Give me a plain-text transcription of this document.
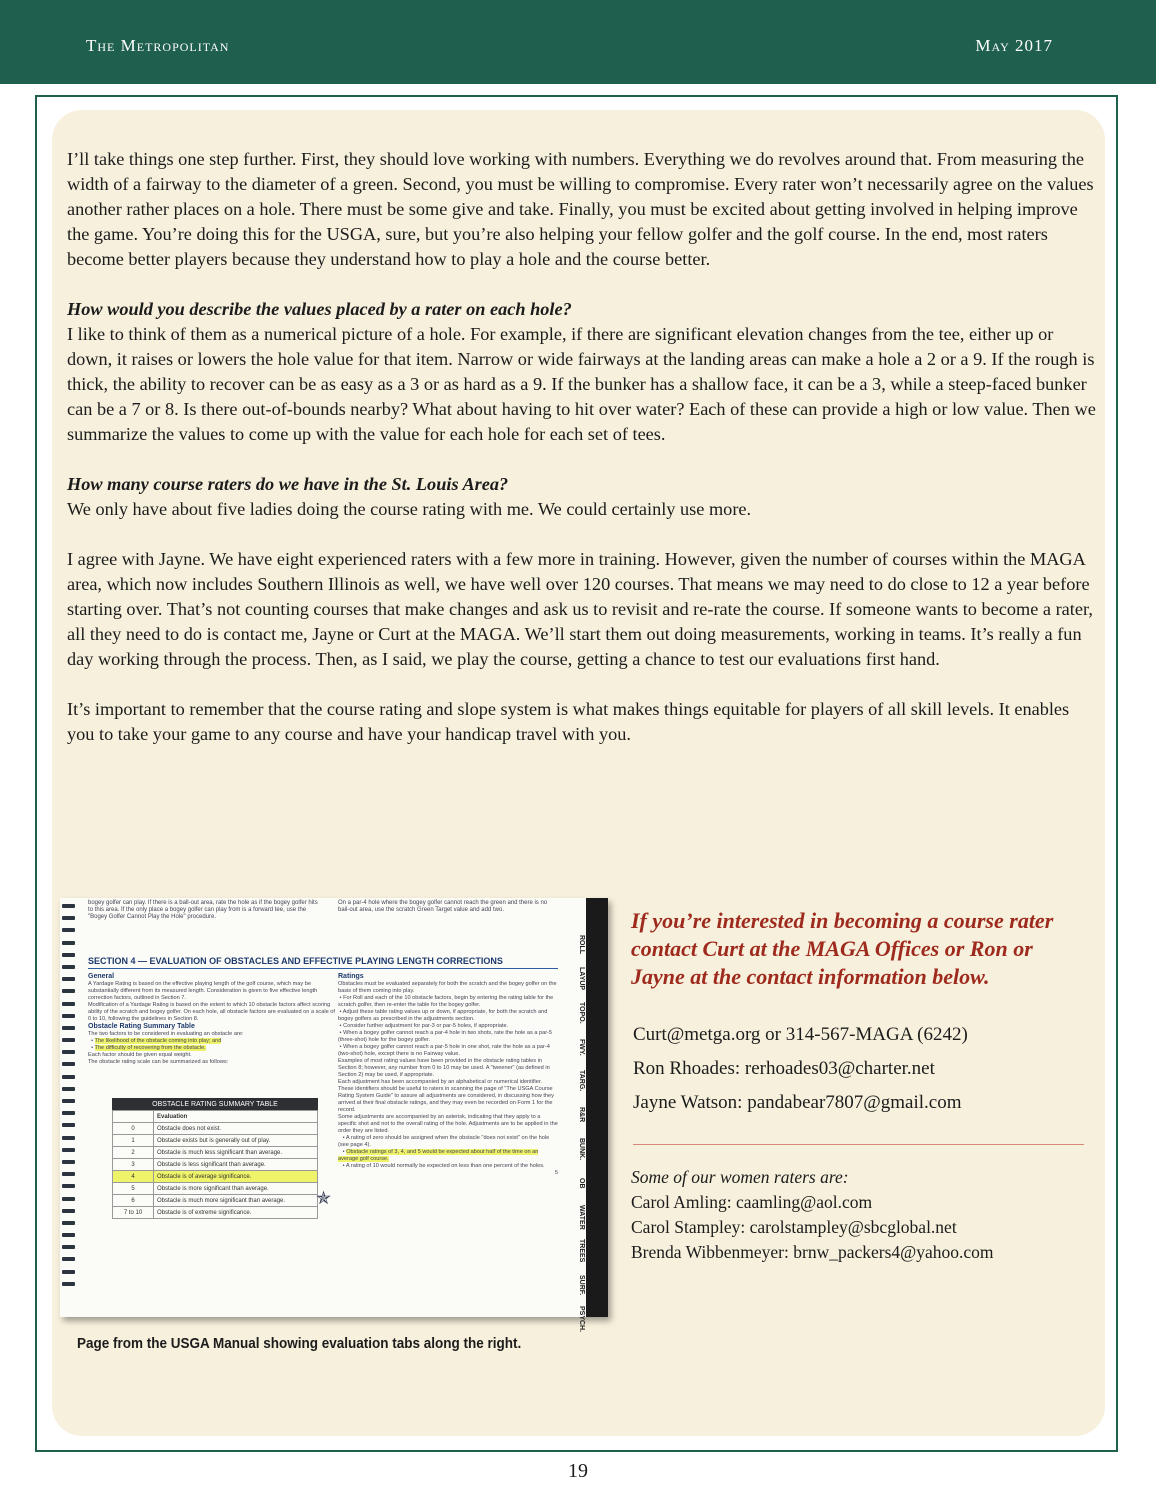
The Metropolitan	May 2017

I’ll take things one step further. First, they should love working with numbers. Everything we do revolves around that. From measuring the width of a fairway to the diameter of a green. Second, you must be willing to compromise. Every rater won’t necessarily agree on the values another rather places on a hole. There must be some give and take. Finally, you must be excited about getting involved in helping improve the game. You’re doing this for the USGA, sure, but you’re also helping your fellow golfer and the golf course. In the end, most raters become better players because they understand how to play a hole and the course better.

How would you describe the values placed by a rater on each hole?
I like to think of them as a numerical picture of a hole. For example, if there are significant elevation changes from the tee, either up or down, it raises or lowers the hole value for that item. Narrow or wide fairways at the landing areas can make a hole a 2 or a 9. If the rough is thick, the ability to recover can be as easy as a 3 or as hard as a 9. If the bunker has a shallow face, it can be a 3, while a steep-faced bunker can be a 7 or 8. Is there out-of-bounds nearby? What about having to hit over water? Each of these can provide a high or low value. Then we summarize the values to come up with the value for each hole for each set of tees.

How many course raters do we have in the St. Louis Area?
We only have about five ladies doing the course rating with me. We could certainly use more.

I agree with Jayne. We have eight experienced raters with a few more in training. However, given the number of courses within the MAGA area, which now includes Southern Illinois as well, we have well over 120 courses. That means we may need to do close to 12 a year before starting over. That’s not counting courses that make changes and ask us to revisit and re-rate the course. If someone wants to become a rater, all they need to do is contact me, Jayne or Curt at the MAGA. We’ll start them out doing measurements, working in teams. It’s really a fun day working through the process. Then, as I said, we play the course, getting a chance to test our evaluations first hand.

It’s important to remember that the course rating and slope system is what makes things equitable for players of all skill levels. It enables you to take your game to any course and have your handicap travel with you.

bogey golfer can play. If there is a ball-out area, rate the hole as if the bogey golfer hits to this area. If the only place a bogey golfer can play from is a forward tee, use the "Bogey Golfer Cannot Play the Hole" procedure.
On a par-4 hole where the bogey golfer cannot reach the green and there is no bail-out area, use the scratch Green Target value and add two.
SECTION 4 — EVALUATION OF OBSTACLES AND EFFECTIVE PLAYING LENGTH CORRECTIONS
General
A Yardage Rating is based on the effective playing length of the golf course, which may be substantially different from its measured length. Consideration is given to five effective length correction factors, outlined in Section 7.
Modification of a Yardage Rating is based on the extent to which 10 obstacle factors affect scoring ability of the scratch and bogey golfer. On each hole, all obstacle factors are evaluated on a scale of 0 to 10, following the guidelines in Section 8.
Obstacle Rating Summary Table
The two factors to be considered in evaluating an obstacle are:
• The likelihood of the obstacle coming into play; and
• The difficulty of recovering from the obstacle.
Each factor should be given equal weight.
The obstacle rating scale can be summarized as follows:
OBSTACLE RATING SUMMARY TABLE
	Evaluation
0	Obstacle does not exist.
1	Obstacle exists but is generally out of play.
2	Obstacle is much less significant than average.
3	Obstacle is less significant than average.
4	Obstacle is of average significance.
5	Obstacle is more significant than average.
6	Obstacle is much more significant than average.
7 to 10	Obstacle is of extreme significance.
✯
Ratings
Obstacles must be evaluated separately for both the scratch and the bogey golfer on the basis of them coming into play.
• For Roll and each of the 10 obstacle factors, begin by entering the rating table for the scratch golfer, then re-enter the table for the bogey golfer.
• Adjust these table rating values up or down, if appropriate, for both the scratch and bogey golfers as prescribed in the adjustments section.
• Consider further adjustment for par-3 or par-5 holes, if appropriate.
• When a bogey golfer cannot reach a par-4 hole in two shots, rate the hole as a par-5 (three-shot) hole for the bogey golfer.
• When a bogey golfer cannot reach a par-5 hole in one shot, rate the hole as a par-4 (two-shot) hole, except there is no Fairway value.
Examples of most rating values have been provided in the obstacle rating tables in Section 8; however, any number from 0 to 10 may be used. A "tweener" (as defined in Section 2) may be used, if appropriate.
Each adjustment has been accompanied by an alphabetical or numerical identifier. These identifiers should be useful to raters in scanning the page of "The USGA Course Rating System Guide" to assure all adjustments are considered, in discussing how they arrived at their final obstacle ratings, and they may even be recorded on Form 1 for the record.
Some adjustments are accompanied by an asterisk, indicating that they apply to a specific shot and not to the overall rating of the hole. Adjustments are to be applied in the order they are listed.
• A rating of zero should be assigned when the obstacle "does not exist" on the hole (see page 4).
• Obstacle ratings of 3, 4, and 5 would be expected about half of the time on an average golf course.
• A rating of 10 would normally be expected on less than one percent of the holes.

5
ROLL
LAYUP
TOPO.
FWY.
TARG.
R&R
BUNK.
OB
WATER
TREES
SURF.
PSYCH.
Page from the USGA Manual showing evaluation tabs along the right.
If you’re interested in becoming a course rater contact Curt at the MAGA Offices or Ron or Jayne at the contact information below.
Curt@metga.org or 314-567-MAGA (6242)
Ron Rhoades: rerhoades03@charter.net
Jayne Watson: pandabear7807@gmail.com
Some of our women raters are:
Carol Amling: caamling@aol.com
Carol Stampley: carolstampley@sbcglobal.net
Brenda Wibbenmeyer: brnw_packers4@yahoo.com
19
